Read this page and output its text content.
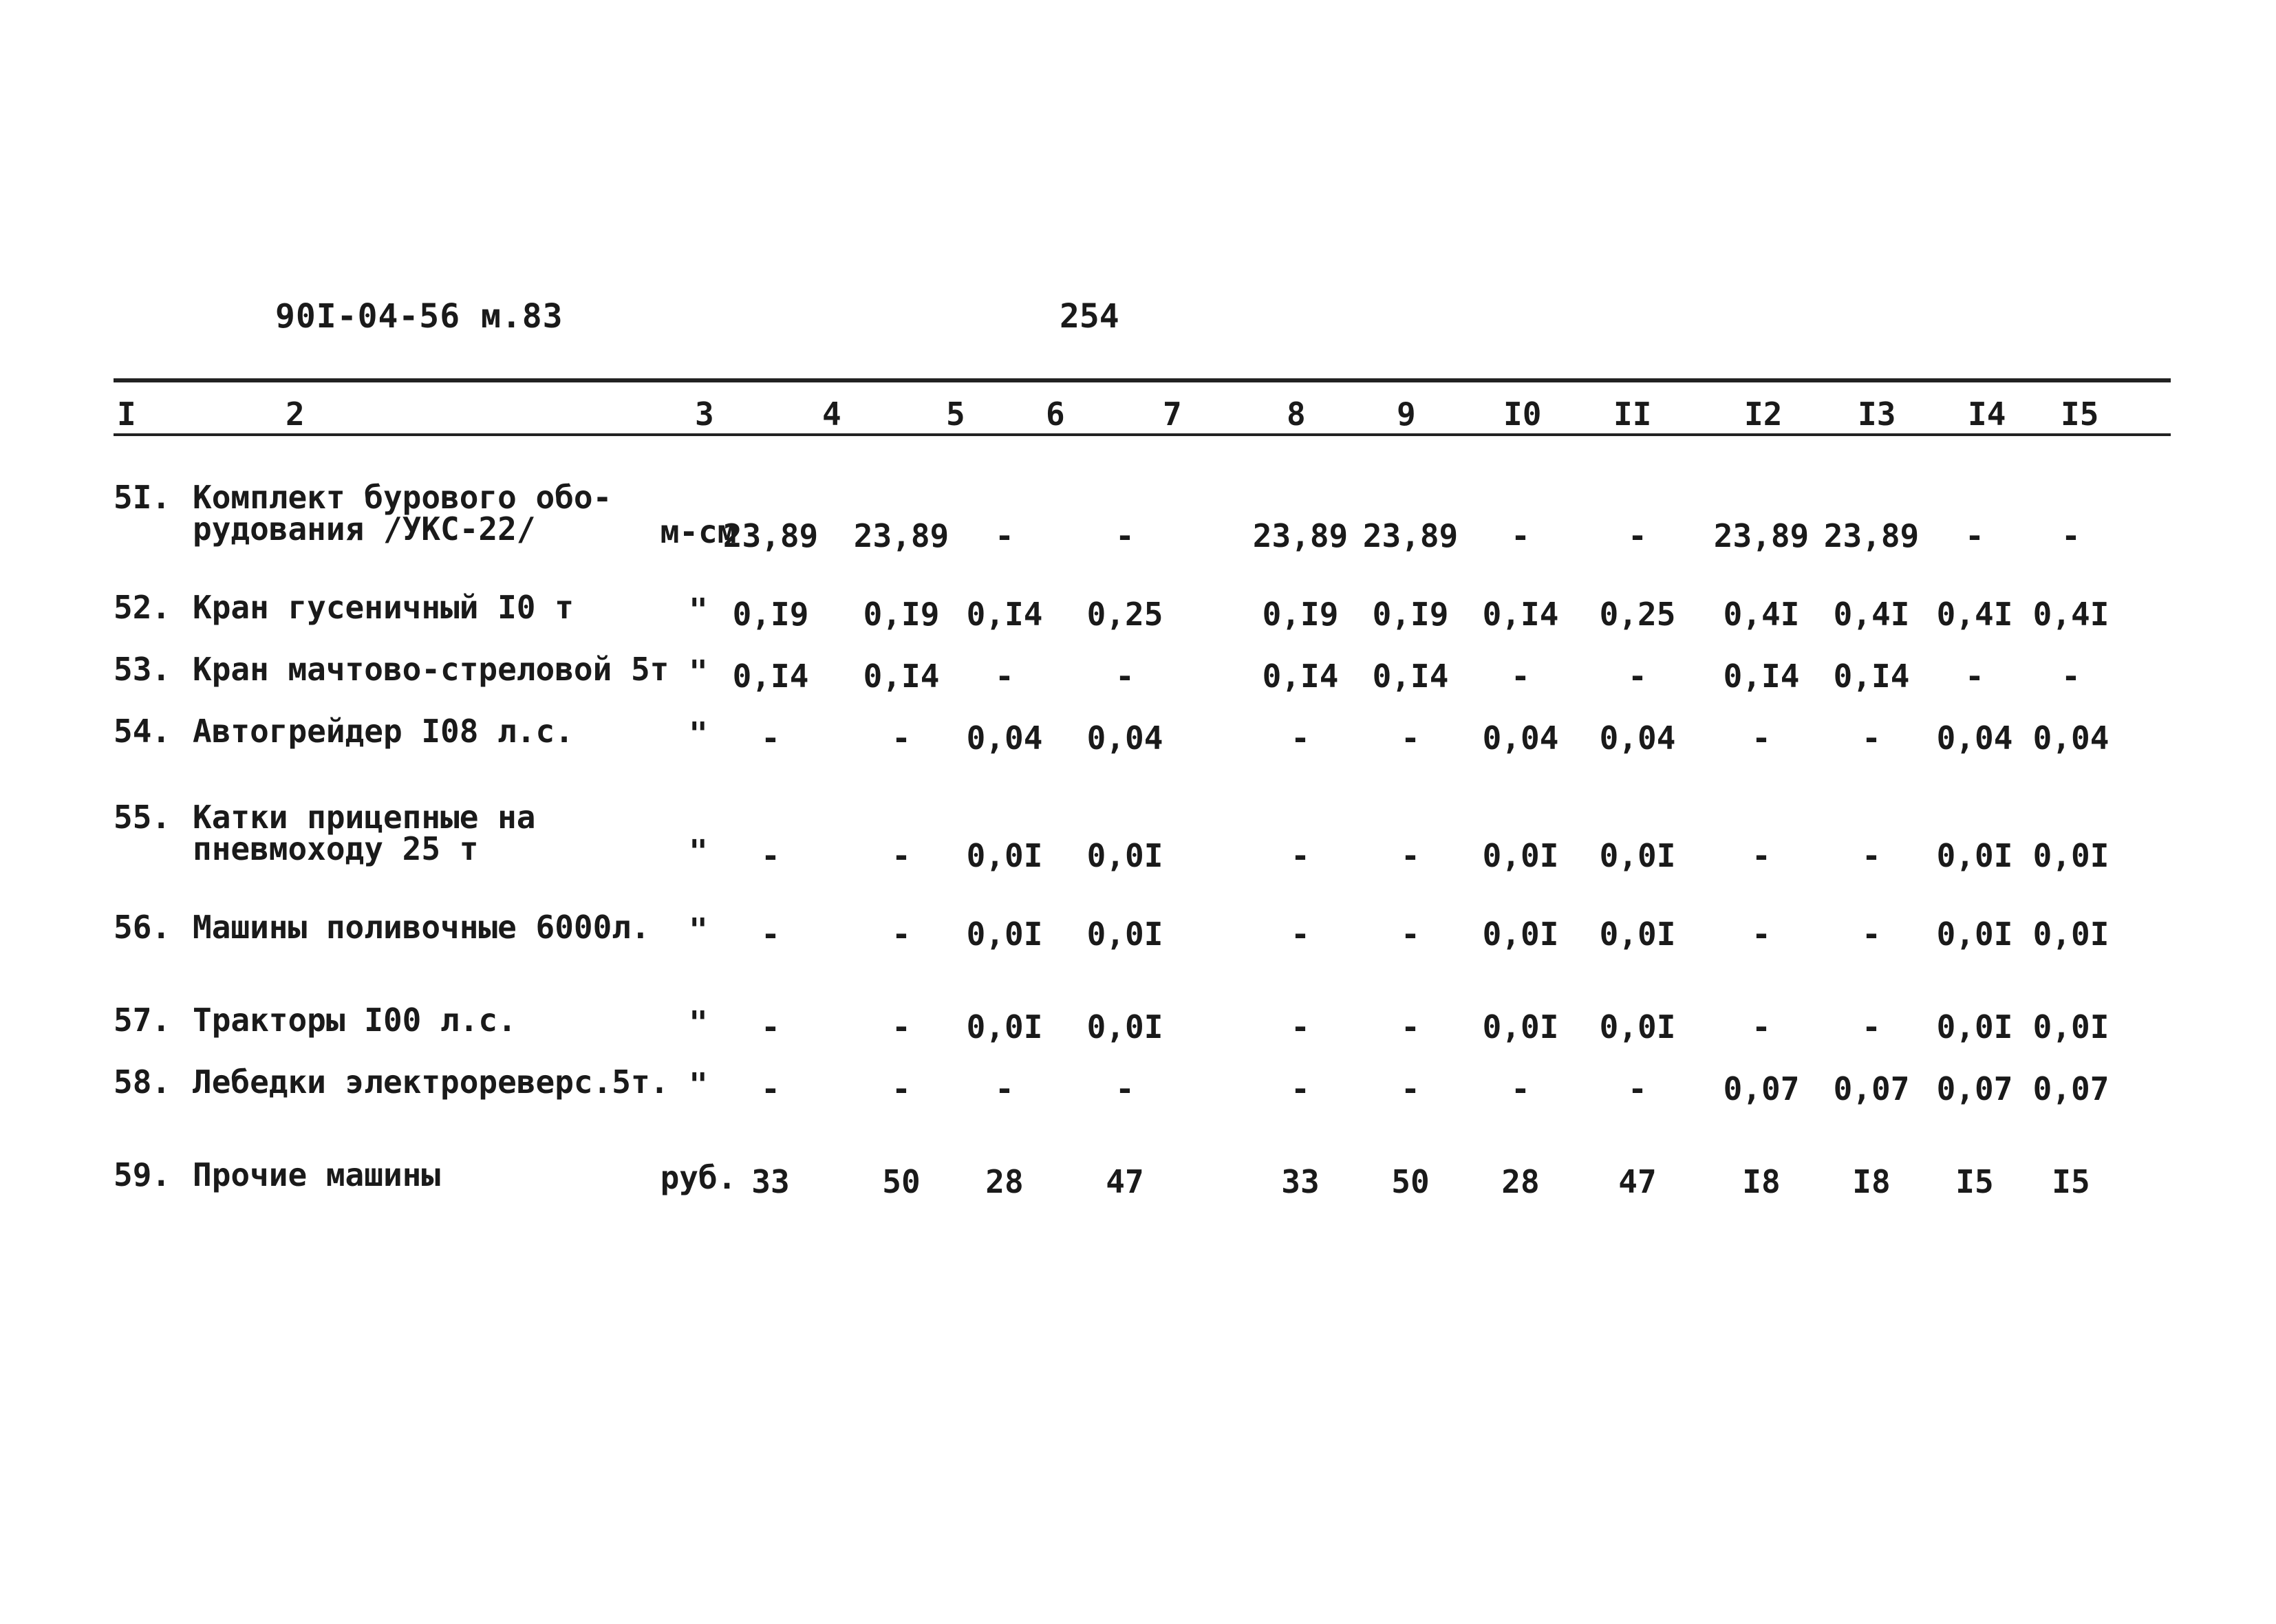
90I-04-56 м.83	254
I	2	3	4	5	6	7	8	9	I0 II	I2 I3 I4 I5
5I. Комплект бурового обо-
рудования /УКС-22/	м-см
23,89 23,89	-	-	23,89 23,89	-	-	23,89 23,89	-	-
52. Кран гусеничный I0 т	" 0,I9	0,I9 0,I4	0,25	0,I9	0,I9	0,I4	0,25	0,4I	0,4I 0,4I 0,4I
53. Кран мачтово-стреловой 5т " 0,I4	0,I4	-	-	0,I4	0,I4	-	-	0,I4	0,I4	-	-
54. Автогрейдер I08 л.с.	"	-	-	0,04	0,04	-	-	0,04	0,04	-	-	0,04 0,04
55. Катки прицепные на
пневмоходу 25 т	"	-	-	0,0I	0,0I	-	-	0,0I	0,0I	-	-	0,0I 0,0I
56. Машины поливочные 6000л.	"	-	-	0,0I	0,0I	-	-	0,0I	0,0I	-	-	0,0I 0,0I
57. Тракторы I00 л.с.	"	-	-	0,0I	0,0I	-	-	0,0I	0,0I	-	-	0,0I 0,0I
58. Лебедки электрореверс.5т. "	-	-	-	-	-	-	-	-	0,07	0,07 0,07 0,07
59. Прочие машины	руб. 33	50	28	47	33	50	28	47	I8	I8	I5	I5
